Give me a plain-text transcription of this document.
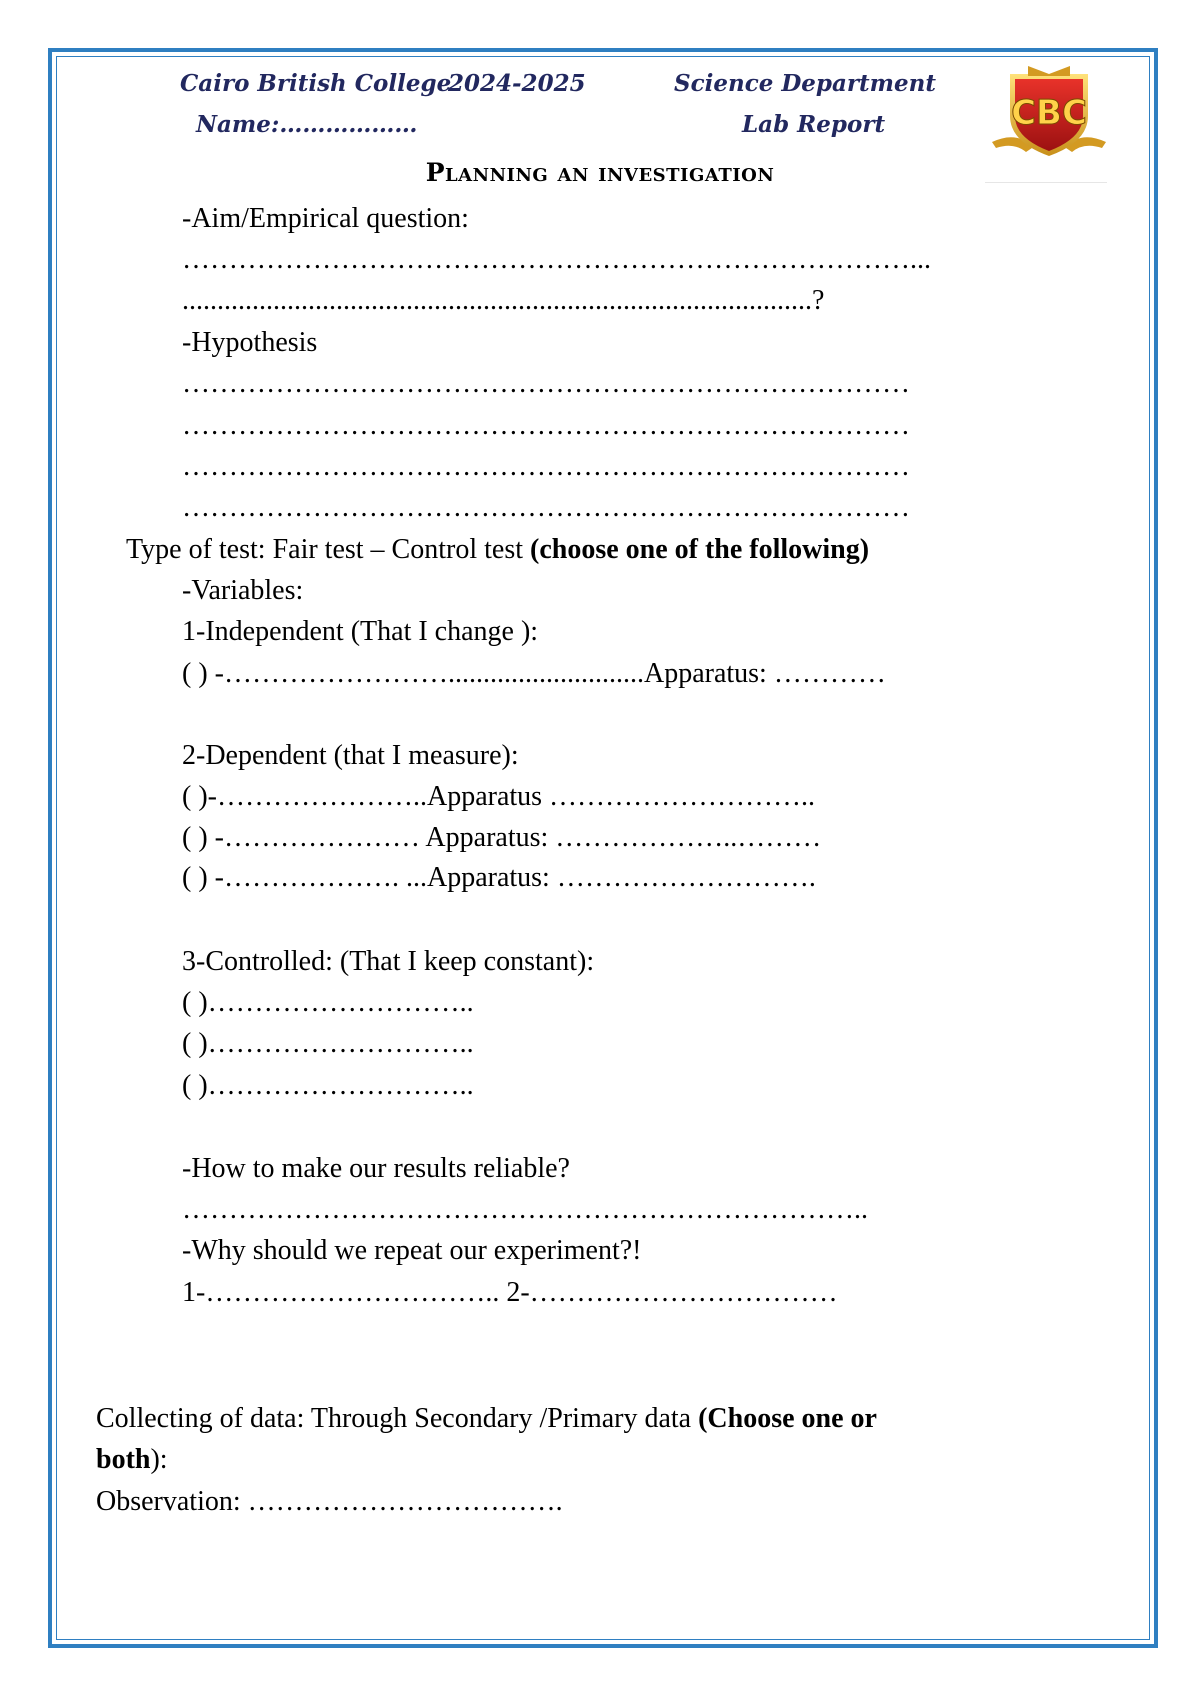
Cairo British College
2024-2025	Science Department
Name:………………	Lab Report	CBC
Planning an investigation
-Aim/Empirical question:
……………………………………………………………………...
..........................................................................................?
-Hypothesis
……………………………………………………………………
……………………………………………………………………
……………………………………………………………………
……………………………………………………………………
Type of test: Fair test – Control test (choose one of the following)
-Variables:
1-Independent (That I change ):
( ) -……………………............................Apparatus: …………
2-Dependent (that I measure):
( )-…………………..Apparatus ………………………..
( ) -………………… Apparatus: ………………..………
( ) -………………. ...Apparatus: ……………………….
3-Controlled: (That I keep constant):
( )………………………..
( )………………………..
( )………………………..
-How to make our results reliable?
………………………………………………………………..
-Why should we repeat our experiment?!
1-………………………….. 2-……………………………
Collecting of data: Through Secondary /Primary data (Choose one or
both):
Observation: …………………………….
